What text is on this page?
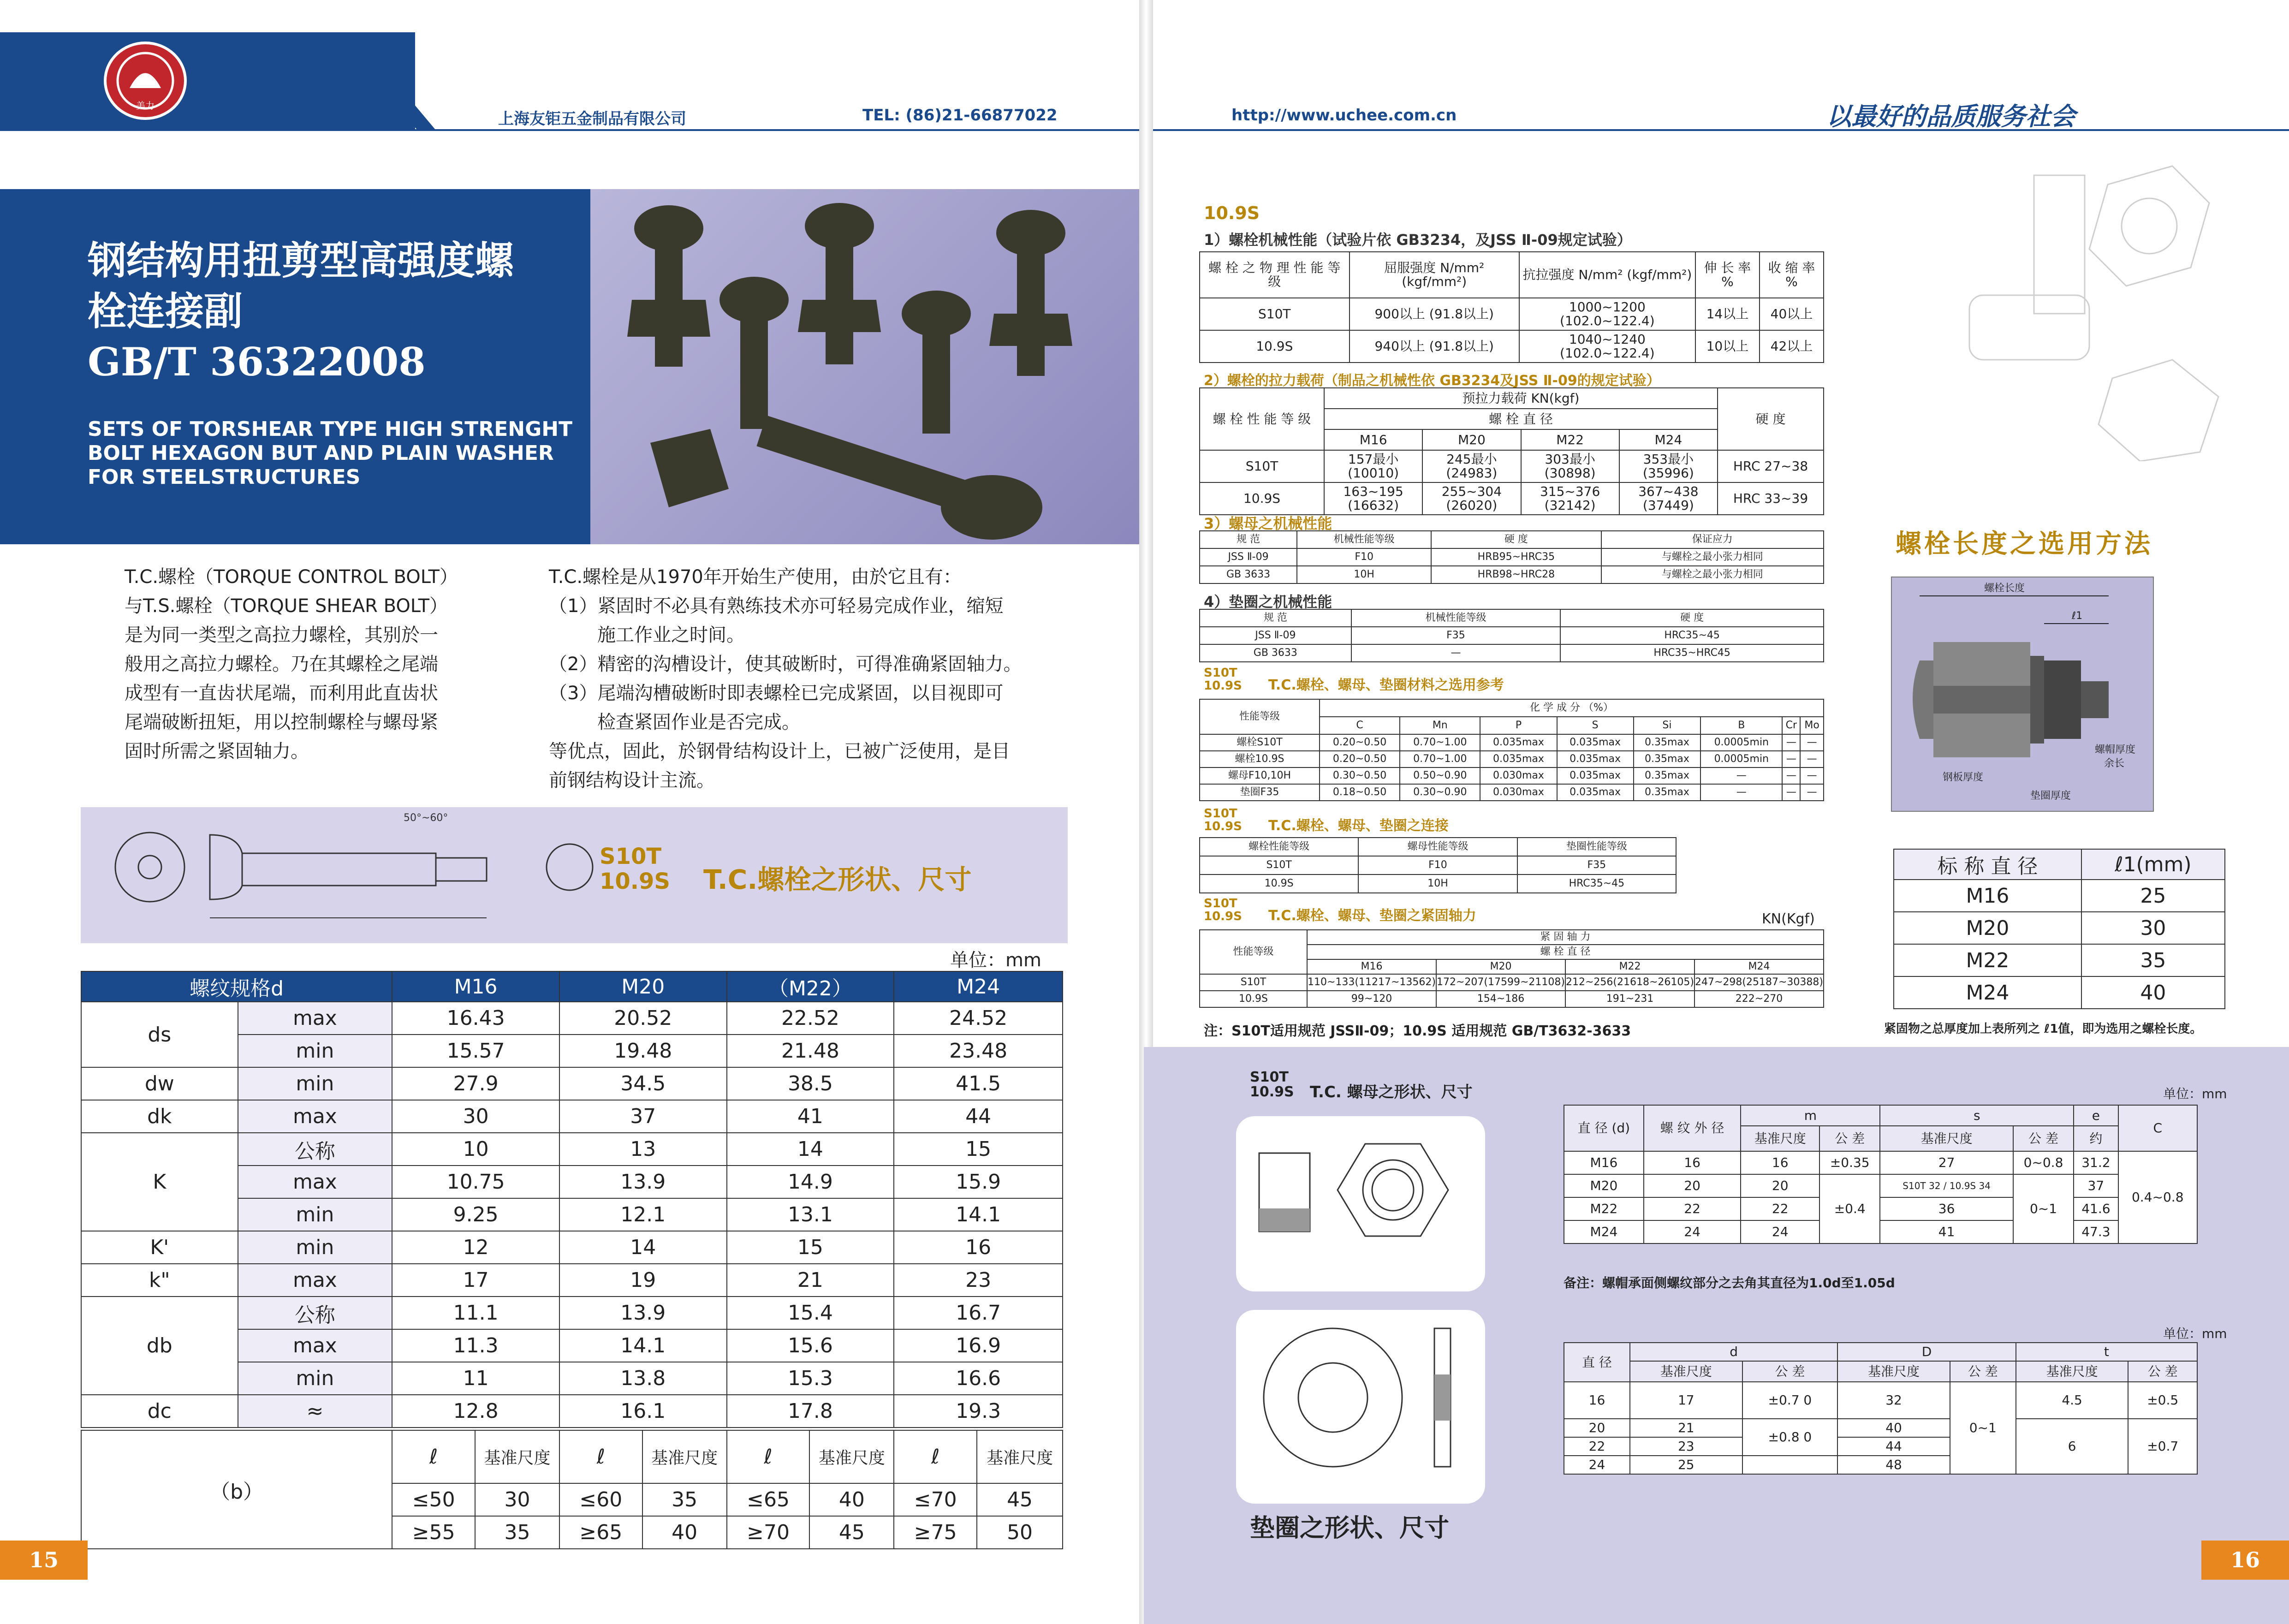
美力
上海友钜五金制品有限公司	TEL: (86)21-66877022
钢结构用扭剪型高强度螺
栓连接副
GB/T 36322008
SETS OF TORSHEAR TYPE HIGH STRENGHT
BOLT HEXAGON BUT AND PLAIN WASHER
FOR STEELSTRUCTURES
T.C.螺栓（TORQUE CONTROL BOLT）
与T.S.螺栓（TORQUE SHEAR BOLT）
是为同一类型之高拉力螺栓，其别於一
般用之高拉力螺栓。乃在其螺栓之尾端
成型有一直齿状尾端，而利用此直齿状
尾端破断扭矩，用以控制螺栓与螺母紧
固时所需之紧固轴力。
T.C.螺栓是从1970年开始生产使用，由於它且有：
（1）紧固时不必具有熟练技术亦可轻易完成作业，缩短
施工作业之时间。
（2）精密的沟槽设计，使其破断时，可得准确紧固轴力。
（3）尾端沟槽破断时即表螺栓已完成紧固，以目视即可
检查紧固作业是否完成。
等优点，固此，於钢骨结构设计上，已被广泛使用，是目
前钢结构设计主流。
50°~60°
S10T
10.9S T.C.螺栓之形状、尺寸
单位：mm
螺纹规格d		M16	M20	（M22）	M24
ds	max	16.43	20.52	22.52	24.52
	min	15.57	19.48	21.48	23.48
dw	min	27.9	34.5	38.5	41.5
dk	max	30	37	41	44
K	公称	10	13	14	15
	max	10.75	13.9	14.9	15.9
	min	9.25	12.1	13.1	14.1
K'	min	12	14	15	16
k"	max	17	19	21	23
db	公称	11.1	13.9	15.4	16.7
	max	11.3	14.1	15.6	16.9
	min	11	13.8	15.3	16.6
dc	≈	12.8	16.1	17.8	19.3
（b）	ℓ	基准尺度	ℓ	基准尺度	ℓ	基准尺度	ℓ	基准尺度
	≤50	30	≤60	35	≤65	40	≤70	45
	≥55	35	≥65	40	≥70	45	≥75	50
15
http://www.uchee.com.cn	以最好的品质服务社会
10.9S
1）螺栓机械性能（试验片依 GB3234，及JSS Ⅱ-09规定试验）
螺 栓 之 物 理 性 能 等 级	屈服强度 N/mm² (kgf/mm²)	抗拉强度 N/mm² (kgf/mm²)	伸 长 率 %	收 缩 率 %
S10T	900以上 (91.8以上)	1000~1200 (102.0~122.4)	14以上	40以上
10.9S	940以上 (91.8以上)	1040~1240 (102.0~122.4)	10以上	42以上
2）螺栓的拉力载荷（制品之机械性依 GB3234及JSS Ⅱ-09的规定试验）
螺 栓 性 能 等 级	预拉力载荷 KN(kgf)				硬 度
	螺 栓 直 径				
	M16	M20	M22	M24	
S10T	157最小 (10010)	245最小 (24983)	303最小 (30898)	353最小 (35996)	HRC 27~38
10.9S	163~195 (16632)	255~304 (26020)	315~376 (32142)	367~438 (37449)	HRC 33~39
3）螺母之机械性能
规 范	机械性能等级	硬 度	保证应力
JSS Ⅱ-09	F10	HRB95~HRC35	与螺栓之最小张力相同
GB 3633	10H	HRB98~HRC28	与螺栓之最小张力相同
4）垫圈之机械性能
规 范	机械性能等级	硬 度
JSS Ⅱ-09	F35	HRC35~45
GB 3633	—	HRC35~HRC45
S10T 10.9S T.C.螺栓、螺母、垫圈材料之选用参考
性能等级	化 学 成 分 （%）							
	C	Mn	P	S	Si	B	Cr	Mo
螺栓S10T	0.20~0.50	0.70~1.00	0.035max	0.035max	0.35max	0.0005min	—	—
螺栓10.9S	0.20~0.50	0.70~1.00	0.035max	0.035max	0.35max	0.0005min	—	—
螺母F10,10H	0.30~0.50	0.50~0.90	0.030max	0.035max	0.35max	—	—	—
垫圈F35	0.18~0.50	0.30~0.90	0.030max	0.035max	0.35max	—	—	—
S10T 10.9S T.C.螺栓、螺母、垫圈之连接
螺栓性能等级	螺母性能等级	垫圈性能等级
S10T	F10	F35
10.9S	10H	HRC35~45
S10T 10.9S T.C.螺栓、螺母、垫圈之紧固轴力	KN(Kgf)
性能等级	紧 固 轴 力			
	螺 栓 直 径			
	M16	M20	M22	M24
S10T	110~133(11217~13562)	172~207(17599~21108)	212~256(21618~26105)	247~298(25187~30388)
10.9S	99~120	154~186	191~231	222~270
注：S10T适用规范 JSSⅡ-09；10.9S 适用规范 GB/T3632-3633
螺栓长度之选用方法
螺栓长度
ℓ1
螺帽厚度
余长
钢板厚度
垫圈厚度
标 称 直 径	ℓ1(mm)
M16	25
M20	30
M22	35
M24	40
紧固物之总厚度加上表所列之 ℓ1值，即为选用之螺栓长度。
S10T 10.9S	T.C. 螺母之形状、尺寸
垫圈之形状、尺寸
单位：mm
直 径 (d)	螺 纹 外 径	m		s		e	C
		基准尺度	公 差	基准尺度	公 差	约	
M16	16	16	±0.35	27	0~0.8	31.2	0.4~0.8
M20	20	20	±0.4	S10T 32 / 10.9S 34	0~1	37	
M22	22	22		36		41.6	
M24	24	24		41		47.3	
备注：螺帽承面侧螺纹部分之去角其直径为1.0d至1.05d
单位：mm
直 径	d		D		t	
	基准尺度	公 差	基准尺度	公 差	基准尺度	公 差
16	17	±0.7 0	32	0~1	4.5	±0.5
20	21	±0.8 0	40		6	±0.7
22	23		44			
24	25		48			
16
